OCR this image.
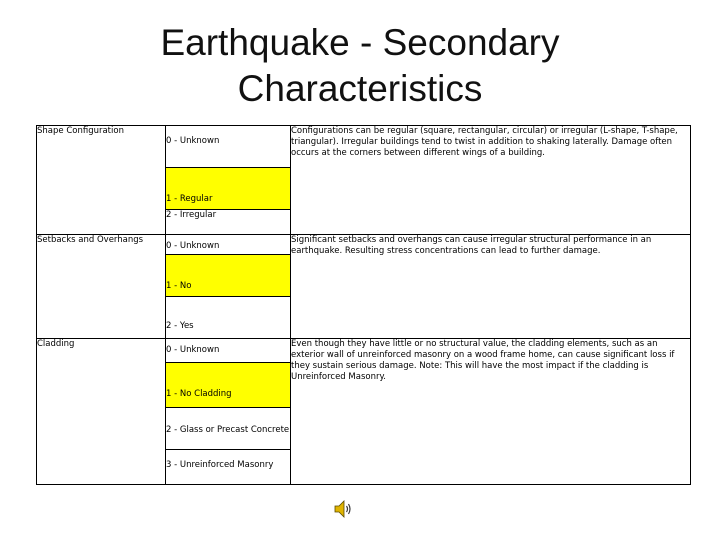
Earthquake - Secondary
Characteristics
Shape Configuration	0 - Unknown	Configurations can be regular (square, rectangular, circular) or irregular (L-shape, T-shape, triangular). Irregular buildings tend to twist in addition to shaking laterally. Damage often occurs at the corners between different wings of a building.
	1 - Regular	
	2 - Irregular	
Setbacks and Overhangs	0 - Unknown	Significant setbacks and overhangs can cause irregular structural performance in an earthquake. Resulting stress concentrations can lead to further damage.
	1 - No	
	2 - Yes	
Cladding	0 - Unknown	Even though they have little or no structural value, the cladding elements, such as an exterior wall of unreinforced masonry on a wood frame home, can cause significant loss if they sustain serious damage. Note: This will have the most impact if the cladding is Unreinforced Masonry.
	1 - No Cladding	
	2 - Glass or Precast Concrete	
	3 - Unreinforced Masonry	
